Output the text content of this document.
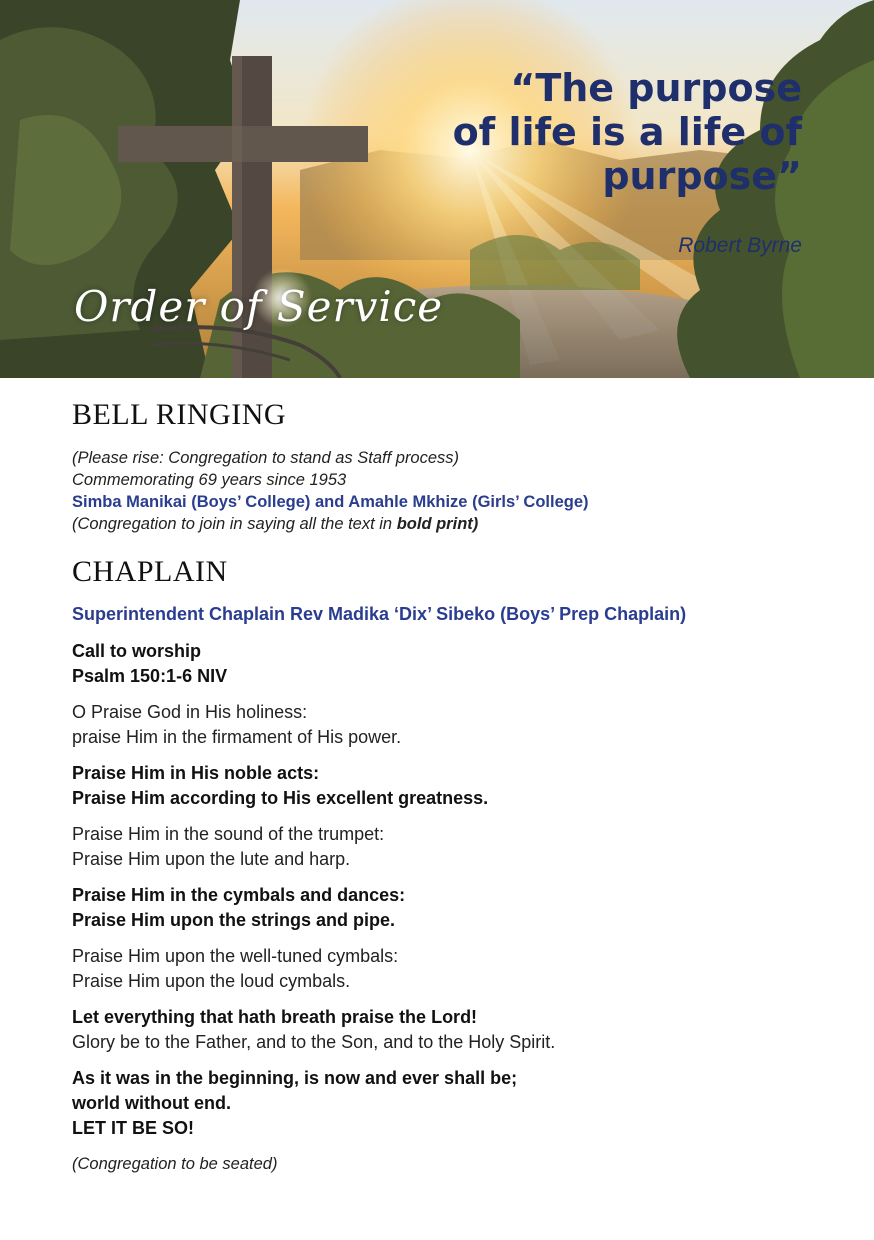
“The purpose
of life is a life of
purpose”
Robert Byrne
Order of Service
BELL RINGING
(Please rise: Congregation to stand as Staff process)
Commemorating 69 years since 1953
Simba Manikai (Boys’ College) and Amahle Mkhize (Girls’ College)
(Congregation to join in saying all the text in bold print)
CHAPLAIN
Superintendent Chaplain Rev Madika ‘Dix’ Sibeko (Boys’ Prep Chaplain)
Call to worship
Psalm 150:1-6 NIV
O Praise God in His holiness:
praise Him in the firmament of His power.
Praise Him in His noble acts:
Praise Him according to His excellent greatness.
Praise Him in the sound of the trumpet:
Praise Him upon the lute and harp.
Praise Him in the cymbals and dances:
Praise Him upon the strings and pipe.
Praise Him upon the well-tuned cymbals:
Praise Him upon the loud cymbals.
Let everything that hath breath praise the Lord!
Glory be to the Father, and to the Son, and to the Holy Spirit.
As it was in the beginning, is now and ever shall be;
world without end.
LET IT BE SO!
(Congregation to be seated)
